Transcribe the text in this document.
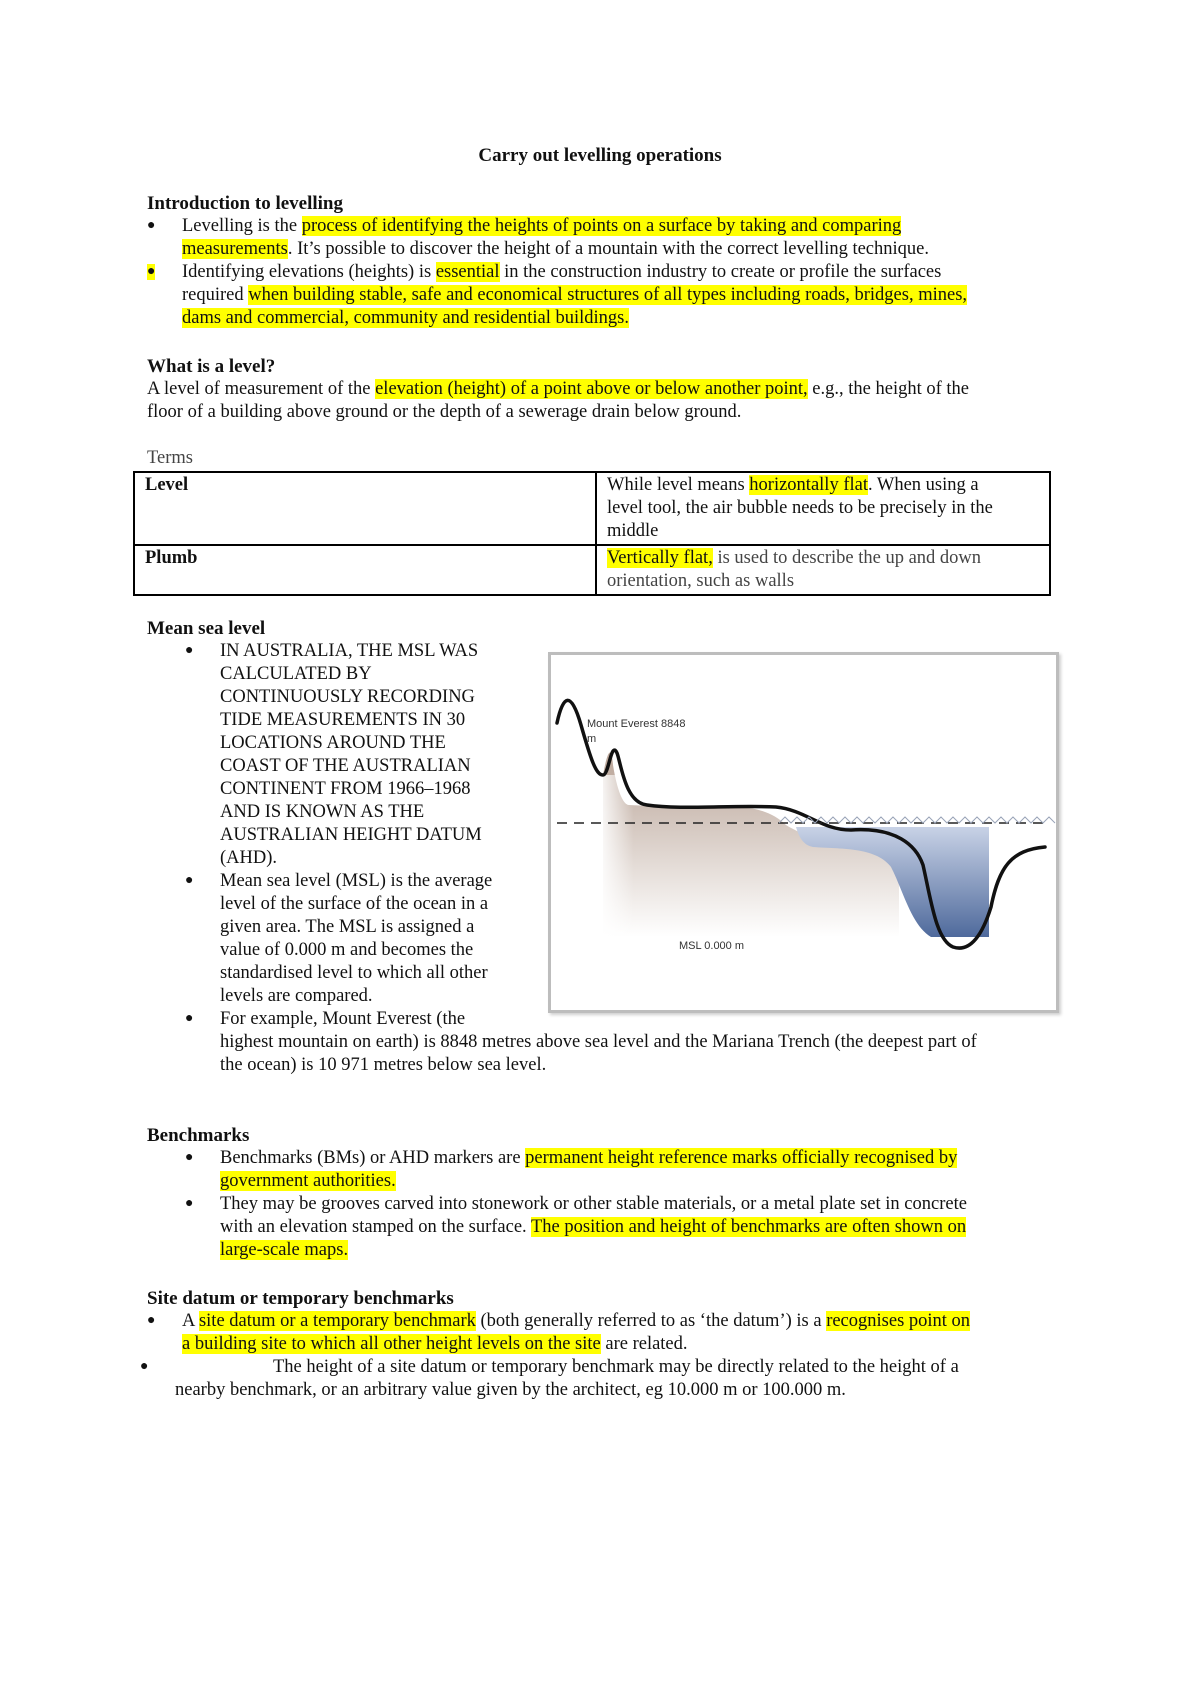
Carry out levelling operations
Introduction to levelling
●
Levelling is the process of identifying the heights of points on a surface by taking and comparing
measurements. It’s possible to discover the height of a mountain with the correct levelling technique.
●
Identifying elevations (heights) is essential in the construction industry to create or profile the surfaces
required when building stable, safe and economical structures of all types including roads, bridges, mines,
dams and commercial, community and residential buildings.
What is a level?
A level of measurement of the elevation (height) of a point above or below another point, e.g., the height of the
floor of a building above ground or the depth of a sewerage drain below ground.
Terms
Level	While level means horizontally flat. When using a
level tool, the air bubble needs to be precisely in the
middle

Plumb	Vertically flat, is used to describe the up and down
orientation, such as walls
Mean sea level
●
IN AUSTRALIA, THE MSL WAS
CALCULATED BY
CONTINUOUSLY RECORDING
TIDE MEASUREMENTS IN 30
LOCATIONS AROUND THE
COAST OF THE AUSTRALIAN
CONTINENT FROM 1966–1968
AND IS KNOWN AS THE
AUSTRALIAN HEIGHT DATUM
(AHD).
●
Mean sea level (MSL) is the average
level of the surface of the ocean in a
given area. The MSL is assigned a
value of 0.000 m and becomes the
standardised level to which all other
levels are compared.
●
For example, Mount Everest (the
highest mountain on earth) is 8848 metres above sea level and the Mariana Trench (the deepest part of
the ocean) is 10 971 metres below sea level.
Mount Everest 8848
m
MSL 0.000 m
Benchmarks
●
Benchmarks (BMs) or AHD markers are permanent height reference marks officially recognised by
government authorities.
●
They may be grooves carved into stonework or other stable materials, or a metal plate set in concrete
with an elevation stamped on the surface. The position and height of benchmarks are often shown on
large-scale maps.
Site datum or temporary benchmarks
●
A site datum or a temporary benchmark (both generally referred to as ‘the datum’) is a recognises point on
a building site to which all other height levels on the site are related.
●
The height of a site datum or temporary benchmark may be directly related to the height of a
nearby benchmark, or an arbitrary value given by the architect, eg 10.000 m or 100.000 m.
